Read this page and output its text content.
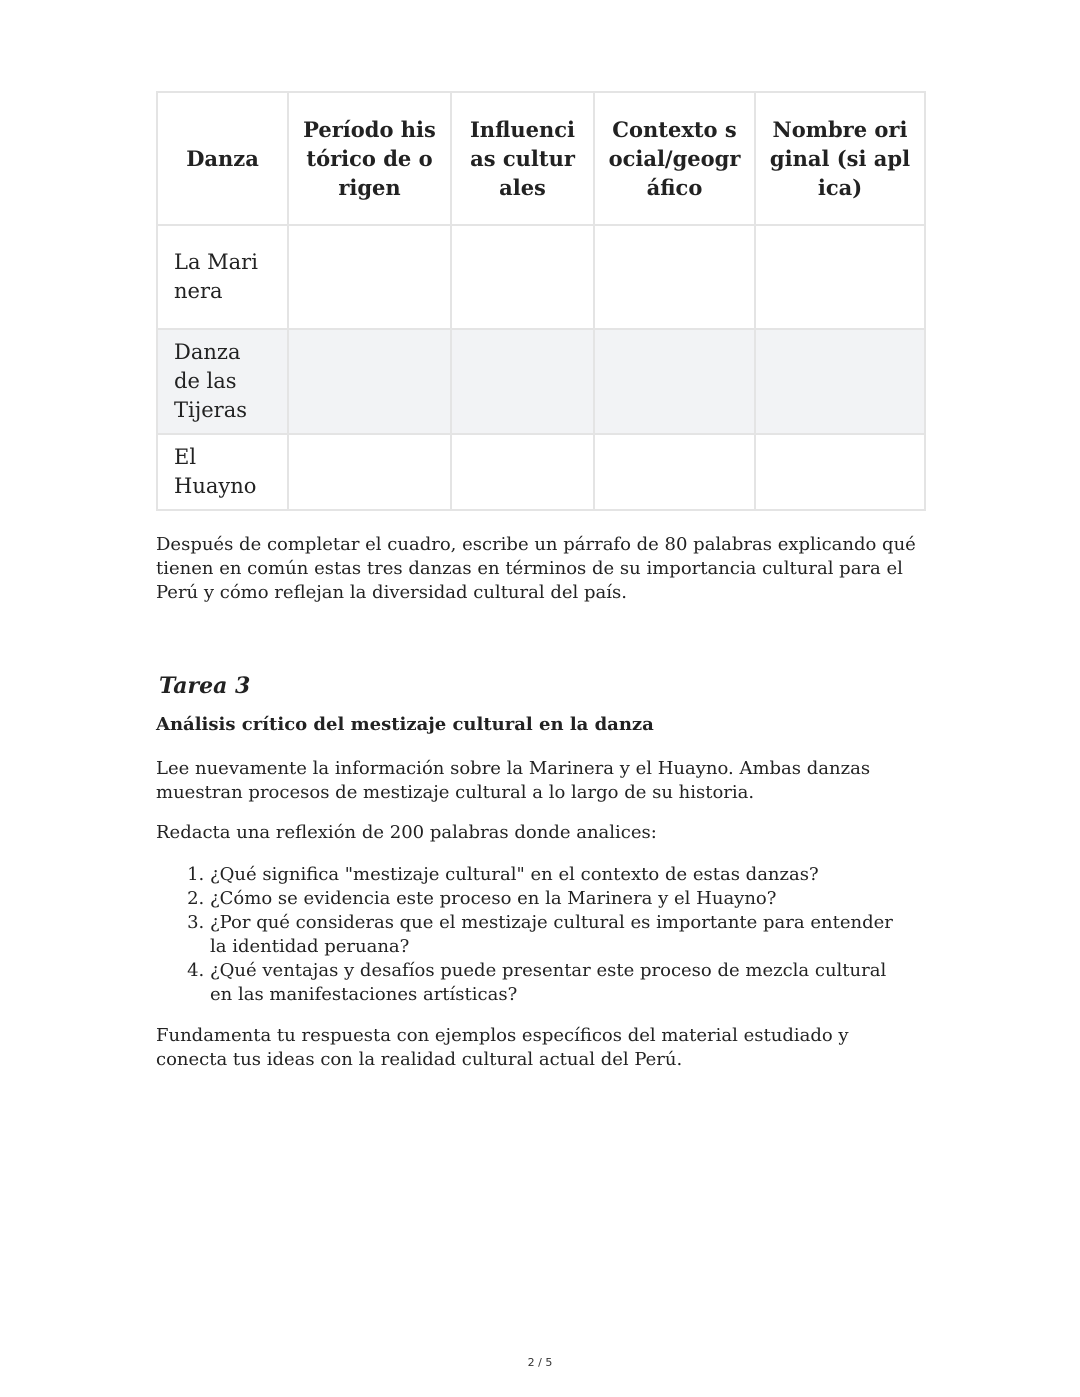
Danza	Período histórico de origen	Influencias culturales	Contexto social/geográfico	Nombre original (si aplica)
La Marinera				
Danza de las Tijeras				
El Huayno				

Después de completar el cuadro, escribe un párrafo de 80 palabras explicando qué tienen en común estas tres danzas en términos de su importancia cultural para el Perú y cómo reflejan la diversidad cultural del país.

Tarea 3
Análisis crítico del mestizaje cultural en la danza

Lee nuevamente la información sobre la Marinera y el Huayno. Ambas danzas muestran procesos de mestizaje cultural a lo largo de su historia.

Redacta una reflexión de 200 palabras donde analices:

1. ¿Qué significa "mestizaje cultural" en el contexto de estas danzas?
2. ¿Cómo se evidencia este proceso en la Marinera y el Huayno?
3. ¿Por qué consideras que el mestizaje cultural es importante para entender la identidad peruana?
4. ¿Qué ventajas y desafíos puede presentar este proceso de mezcla cultural en las manifestaciones artísticas?

Fundamenta tu respuesta con ejemplos específicos del material estudiado y conecta tus ideas con la realidad cultural actual del Perú.

2 / 5
